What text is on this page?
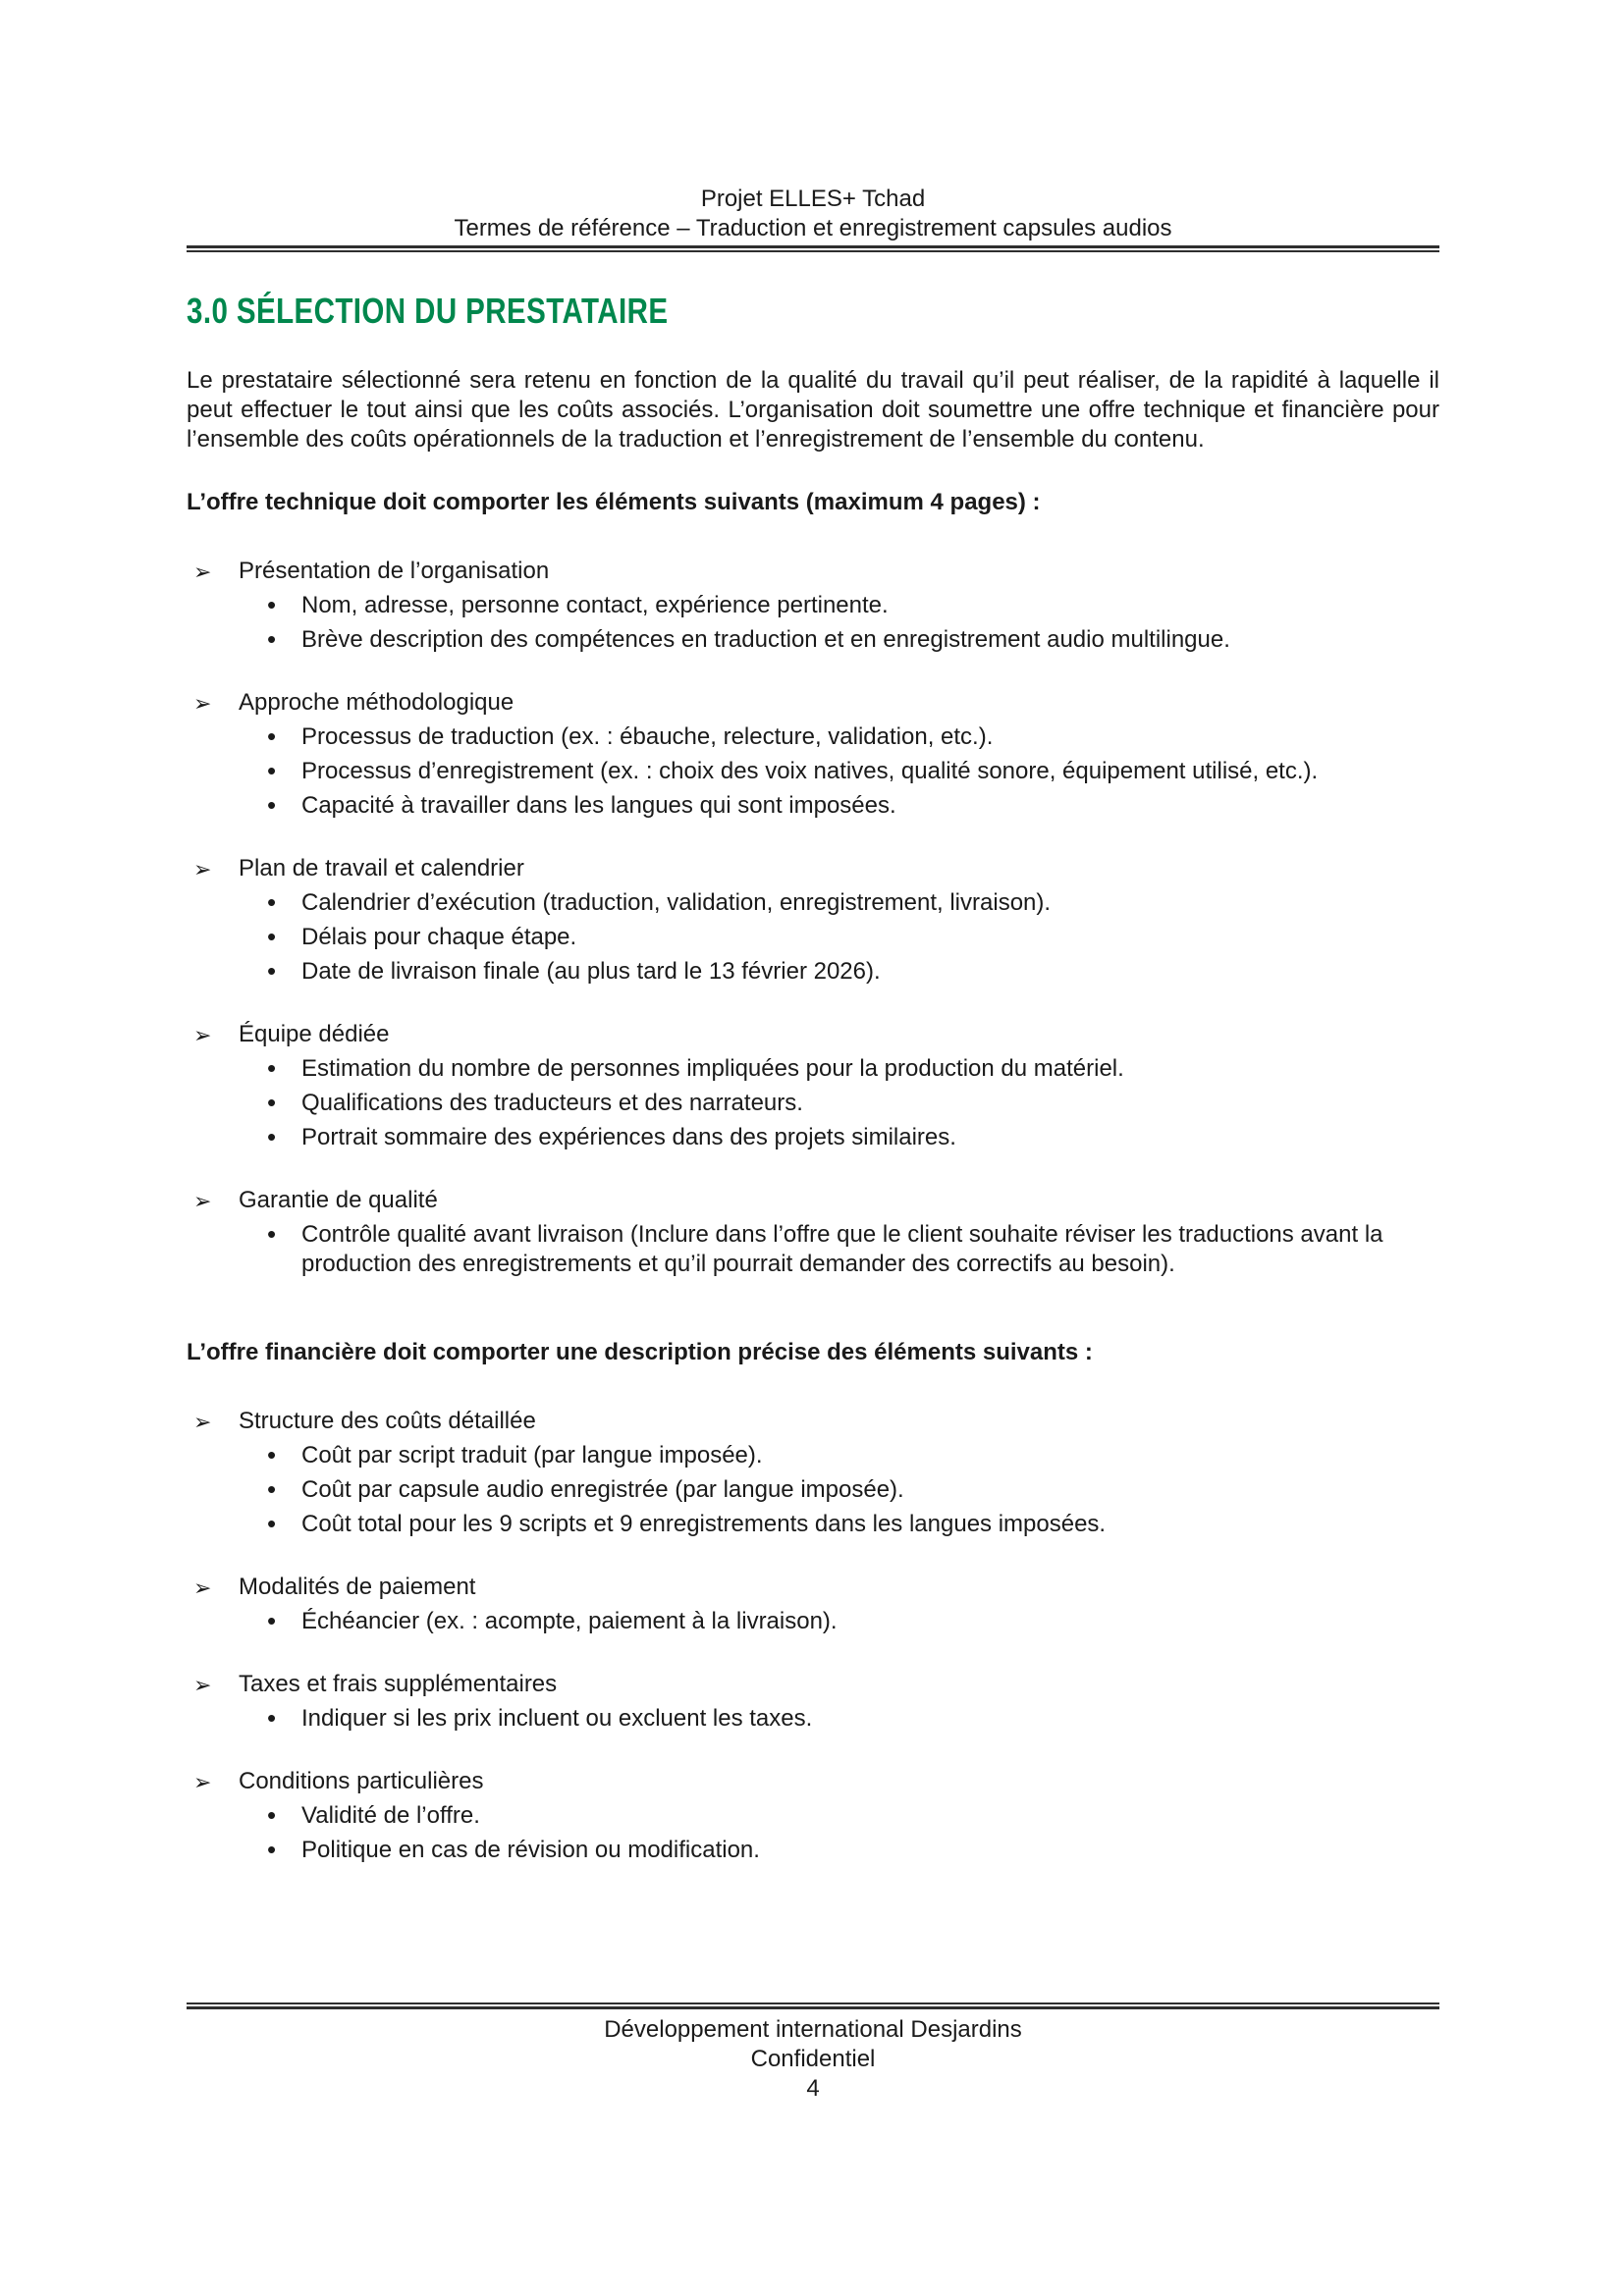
Projet ELLES+ Tchad
Termes de référence – Traduction et enregistrement capsules audios
3.0 SÉLECTION DU PRESTATAIRE

Le prestataire sélectionné sera retenu en fonction de la qualité du travail qu’il peut réaliser, de la rapidité à laquelle il peut effectuer le tout ainsi que les coûts associés. L’organisation doit soumettre une offre technique et financière pour l’ensemble des coûts opérationnels de la traduction et l’enregistrement de l’ensemble du contenu.

L’offre technique doit comporter les éléments suivants (maximum 4 pages) :

➢ Présentation de l’organisation
• Nom, adresse, personne contact, expérience pertinente.
• Brève description des compétences en traduction et en enregistrement audio multilingue.
➢ Approche méthodologique
• Processus de traduction (ex. : ébauche, relecture, validation, etc.).
• Processus d’enregistrement (ex. : choix des voix natives, qualité sonore, équipement utilisé, etc.).
• Capacité à travailler dans les langues qui sont imposées.
➢ Plan de travail et calendrier
• Calendrier d’exécution (traduction, validation, enregistrement, livraison).
• Délais pour chaque étape.
• Date de livraison finale (au plus tard le 13 février 2026).
➢ Équipe dédiée
• Estimation du nombre de personnes impliquées pour la production du matériel.
• Qualifications des traducteurs et des narrateurs.
• Portrait sommaire des expériences dans des projets similaires.
➢ Garantie de qualité
• Contrôle qualité avant livraison (Inclure dans l’offre que le client souhaite réviser les traductions avant la production des enregistrements et qu’il pourrait demander des correctifs au besoin).

L’offre financière doit comporter une description précise des éléments suivants :

➢ Structure des coûts détaillée
• Coût par script traduit (par langue imposée).
• Coût par capsule audio enregistrée (par langue imposée).
• Coût total pour les 9 scripts et 9 enregistrements dans les langues imposées.
➢ Modalités de paiement
• Échéancier (ex. : acompte, paiement à la livraison).
➢ Taxes et frais supplémentaires
• Indiquer si les prix incluent ou excluent les taxes.
➢ Conditions particulières
• Validité de l’offre.
• Politique en cas de révision ou modification.
Développement international Desjardins
Confidentiel
4
